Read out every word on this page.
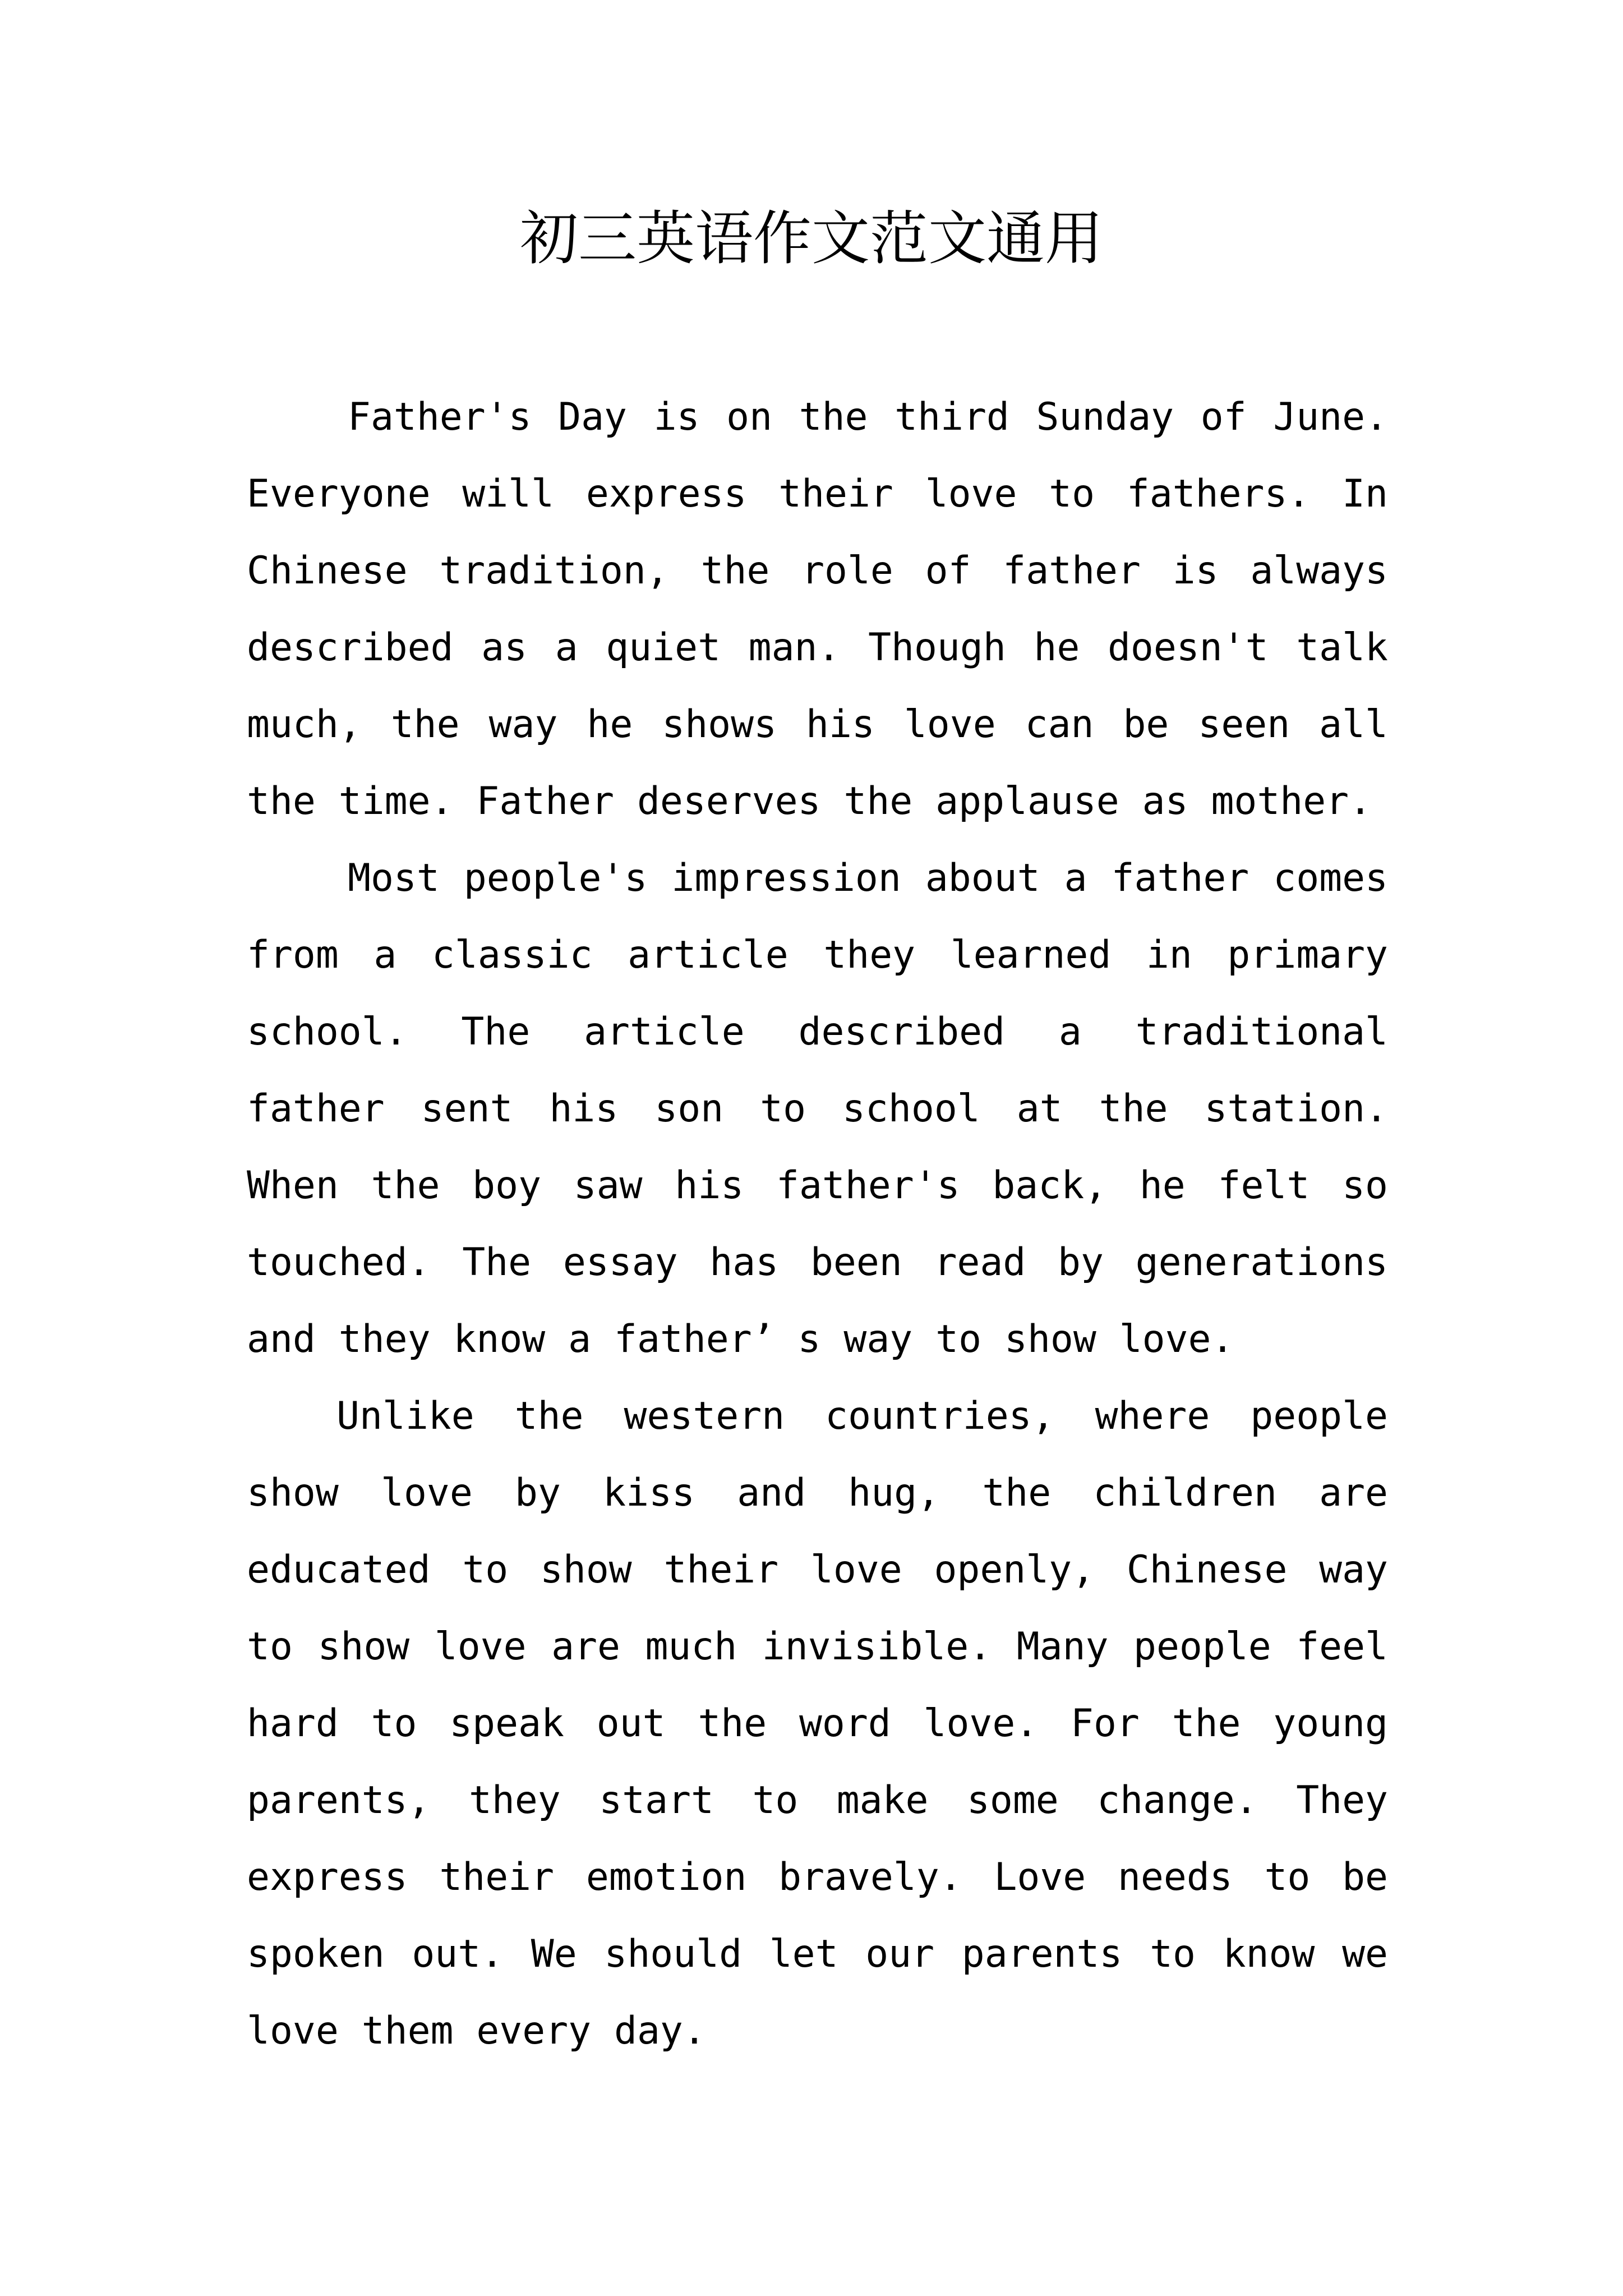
初三英语作文范文通用

Father's Day is on the third Sunday of June. Everyone will express their love to fathers. In Chinese tradition, the role of father is always described as a quiet man. Though he doesn't talk much, the way he shows his love can be seen all the time. Father deserves the applause as mother.

Most people's impression about a father comes from a classic article they learned in primary school. The article described a traditional father sent his son to school at the station. When the boy saw his father's back, he felt so touched. The essay has been read by generations and they know a father’ s way to show love.

Unlike the western countries, where people show love by kiss and hug, the children are educated to show their love openly, Chinese way to show love are much invisible. Many people feel hard to speak out the word love. For the young parents, they start to make some change. They express their emotion bravely. Love needs to be spoken out. We should let our parents to know we love them every day.
